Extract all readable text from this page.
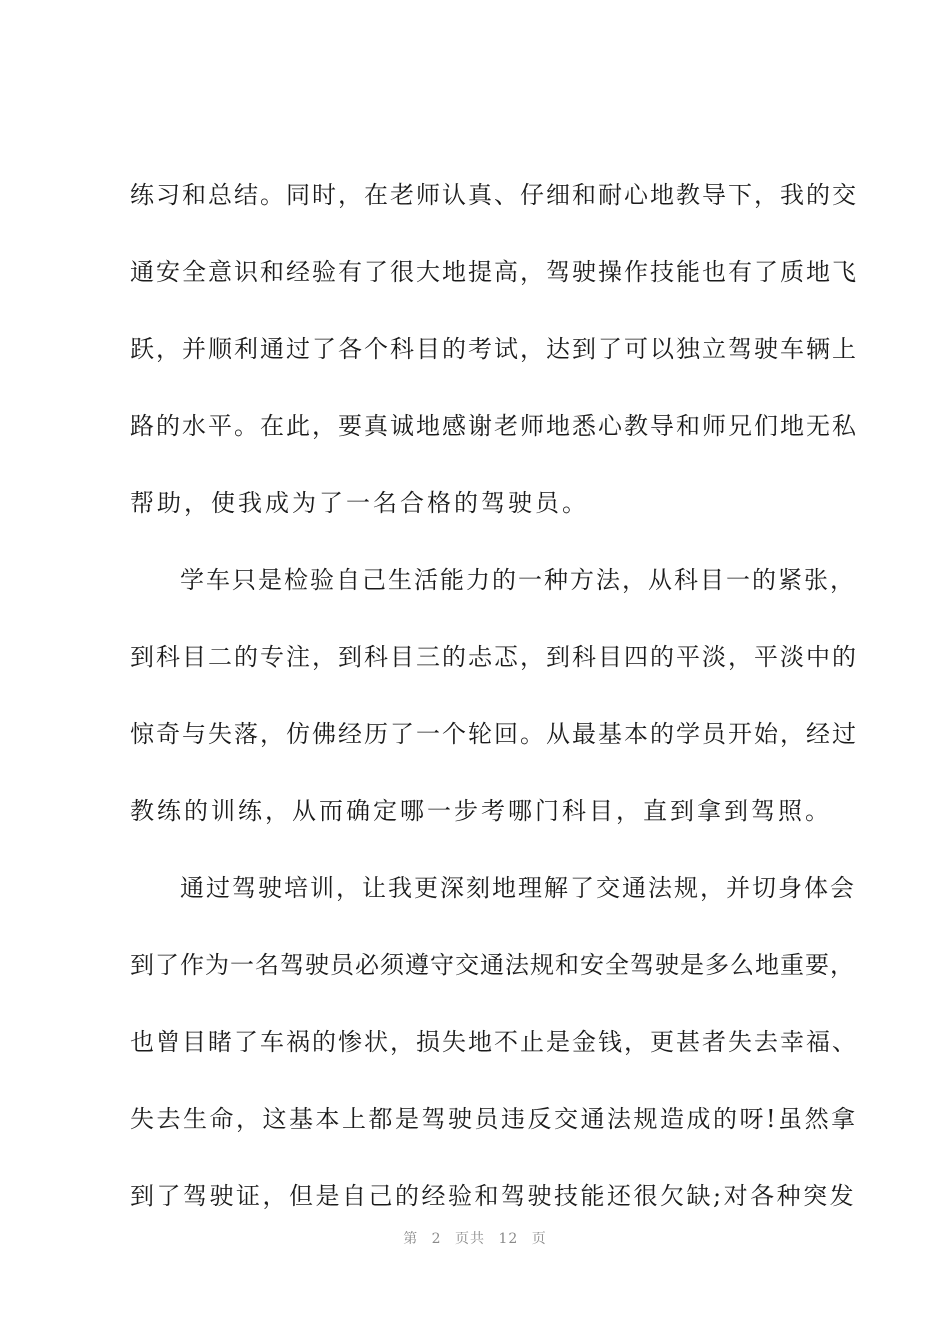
练习和总结。同时，在老师认真、仔细和耐心地教导下，我的交
通安全意识和经验有了很大地提高，驾驶操作技能也有了质地飞
跃，并顺利通过了各个科目的考试，达到了可以独立驾驶车辆上
路的水平。在此，要真诚地感谢老师地悉心教导和师兄们地无私
帮助，使我成为了一名合格的驾驶员。
学车只是检验自己生活能力的一种方法，从科目一的紧张，
到科目二的专注，到科目三的忐忑，到科目四的平淡，平淡中的
惊奇与失落，仿佛经历了一个轮回。从最基本的学员开始，经过
教练的训练，从而确定哪一步考哪门科目，直到拿到驾照。
通过驾驶培训，让我更深刻地理解了交通法规，并切身体会
到了作为一名驾驶员必须遵守交通法规和安全驾驶是多么地重要，
也曾目睹了车祸的惨状，损失地不止是金钱，更甚者失去幸福、
失去生命，这基本上都是驾驶员违反交通法规造成的呀!虽然拿
到了驾驶证，但是自己的经验和驾驶技能还很欠缺;对各种突发
第 2 页共 12 页
